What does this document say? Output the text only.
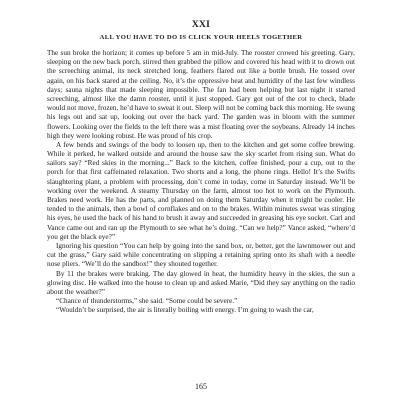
XXI
ALL YOU HAVE TO DO IS CLICK YOUR HEELS TOGETHER

The sun broke the horizon; it comes up before 5 am in mid-July. The rooster crowed his greeting. Gary, sleeping on the new back porch, stirred then grabbed the pillow and covered his head with it to drown out the screeching animal, its neck stretched long, feathers flared out like a bottle brush. He tossed over again, on his back stared at the ceiling. No, it’s the oppressive heat and humidity of the last few windless days; sauna nights that made sleeping impossible. The fan had been helping but last night it started screeching, almost like the damn rooster, until it just stopped. Gary got out of the cot to check, blade would not move, frozen, he’d have to sweat it out. Sleep will not be coming back this morning. He swung his legs out and sat up, looking out over the back yard. The garden was in bloom with the summer flowers. Looking over the fields to the left there was a mist floating over the soybeans. Already 14 inches high they were looking robust. He was proud of his crop.

A few bends and swings of the body to loosen up, then to the kitchen and get some coffee brewing. While it perked, he walked outside and around the house saw the sky scarlet from rising sun. What do sailors say? “Red skies in the morning...” Back to the kitchen, coffee finished, pour a cup, out to the porch for that first caffeinated relaxation. Two shorts and a long, the phone rings. Hello! It’s the Swifts slaughtering plant, a problem with processing, don’t come in today, come in Saturday instead. We’ll be working over the weekend. A steamy Thursday on the farm, almost too hot to work on the Plymouth. Brakes need work. He has the parts, and planned on doing them Saturday when it might be cooler. He tended to the animals, then a bowl of cornflakes and on to the brakes. Within minutes sweat was stinging his eyes, he used the back of his hand to brush it away and succeeded in greasing his eye socket. Carl and Vance came out and ran up the Plymouth to see what he’s doing. “Can we help?” Vance asked, “where’d you get the black eye?”

Ignoring his question “You can help by going into the sand box, or, better, get the lawnmower out and cut the grass,” Gary said while concentrating on slipping a retaining spring onto its shaft with a needle nose pliers. “We’ll do the sandbox!” they shouted together.

By 11 the brakes were braking. The day glowed in heat, the humidity heavy in the skies, the sun a glowing disc. He walked into the house to clean up and asked Marie, “Did they say anything on the radio about the weather?”

“Chance of thunderstorms,” she said. “Some could be severe.”

“Wouldn’t be surprised, the air is literally boiling with energy. I’m going to wash the car,

165
